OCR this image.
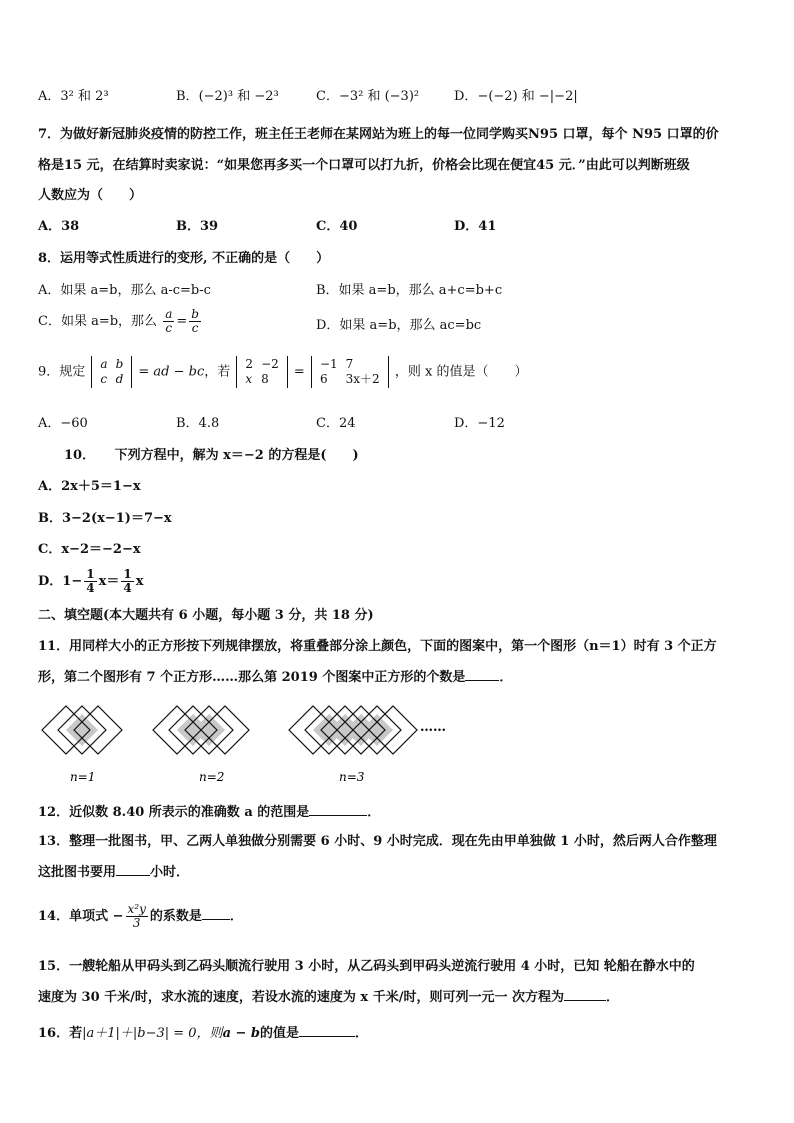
A．3² 和 2³	B．(−2)³ 和 −2³	C．−3² 和 (−3)²	D．−(−2) 和 −|−2|
7．为做好新冠肺炎疫情的防控工作，班主任王老师在某网站为班上的每一位同学购买N95 口罩，每个 N95 口罩的价
格是15 元，在结算时卖家说：“如果您再多买一个口罩可以打九折，价格会比现在便宜45 元．”由此可以判断班级
人数应为（　　）
A．38	B．39	C．40	D．41
8．运用等式性质进行的变形, 不正确的是（　　）
A．如果 a=b，那么 a-c=b-c	B．如果 a=b，那么 a+c=b+c
C．如果 a=b，那么 $\frac{a}{c} = \frac{b}{c}$	D．如果 a=b，那么 ac=bc
9．规定
a	b
c	d = ad − bc，若
2	−2
x	8 =
−1	7
6	3x＋2 ，则 x 的值是（　　）
A．−60	B．4.8	C．24	D．−12
10．　　下列方程中，解为 x＝−2 的方程是(　　)
A．2x＋5＝1−x
B．3−2(x−1)＝7−x
C．x−2＝−2−x
D．$1- \frac{1}{4} x= \frac{1}{4}$ x
二、填空题(本大题共有 6 小题，每小题 3 分，共 18 分)
11．用同样大小的正方形按下列规律摆放，将重叠部分涂上颜色，下面的图案中，第一个图形（n＝1）时有 3 个正方
形，第二个图形有 7 个正方形……那么第 2019 个图案中正方形的个数是	．
……
n=1	n=2	n=3
12．近似数 8.40 所表示的准确数 a 的范围是	．
13．整理一批图书，甲、乙两人单独做分别需要 6 小时、9 小时完成．现在先由甲单独做 1 小时，然后两人合作整理
这批图书要用	小时．
14．单项式 − $\frac{\text{x²y}}{3}$ 的系数是 ．
15．一艘轮船从甲码头到乙码头顺流行驶用 3 小时，从乙码头到甲码头逆流行驶用 4 小时，已知 轮船在静水中的
速度为 30 千米/时，求水流的速度，若设水流的速度为 x 千米/时，则可列一元一 次方程为	．
16．若|a＋1|＋|b−3| = 0，则a − b的值是	．
